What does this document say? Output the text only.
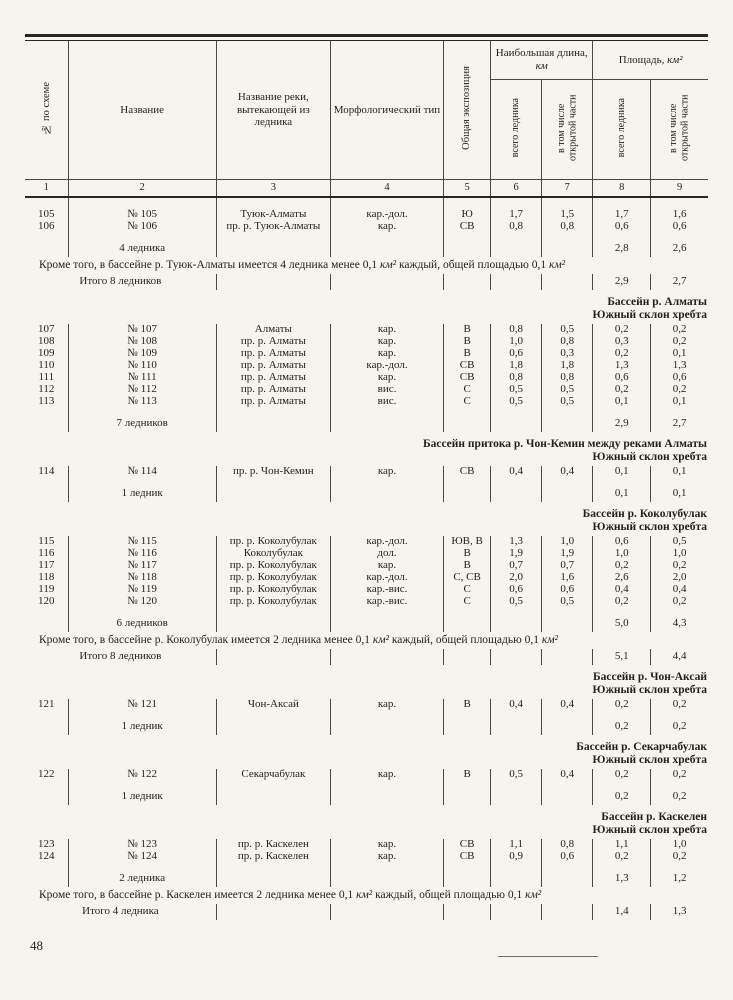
№ по схеме	Название	Название реки, вытекающей из ледника	Морфологический тип	Общая экспозиция	Наибольшая длина, км		Площадь, км²	
					всего ледника	в том числе открытой части	всего ледника	в том числе открытой части
1	2	3	4	5	6	7	8	9

105	№ 105	Туюк-Алматы	кар.-дол.	Ю	1,7	1,5	1,7	1,6
106	№ 106	пр. р. Туюк-Алматы	кар.	СВ	0,8	0,8	0,6	0,6

	4 ледника						2,8	2,6
Кроме того, в бассейне р. Туюк-Алматы имеется 4 ледника менее 0,1 км² каждый, общей площадью 0,1 км²								
Итого 8 ледников							2,9	2,7

Бассейн р. Алматы
Южный склон хребта								

107	№ 107	Алматы	кар.	В	0,8	0,5	0,2	0,2
108	№ 108	пр. р. Алматы	кар.	В	1,0	0,8	0,3	0,2
109	№ 109	пр. р. Алматы	кар.	В	0,6	0,3	0,2	0,1
110	№ 110	пр. р. Алматы	кар.-дол.	СВ	1,8	1,8	1,3	1,3
111	№ 111	пр. р. Алматы	кар.	СВ	0,8	0,8	0,6	0,6
112	№ 112	пр. р. Алматы	вис.	С	0,5	0,5	0,2	0,2
113	№ 113	пр. р. Алматы	вис.	С	0,5	0,5	0,1	0,1

	7 ледников						2,9	2,7

Бассейн притока р. Чон-Кемин между реками Алматы
Южный склон хребта								

114	№ 114	пр. р. Чон-Кемин	кар.	СВ	0,4	0,4	0,1	0,1

	1 ледник						0,1	0,1

Бассейн р. Коколубулак
Южный склон хребта								

115	№ 115	пр. р. Коколубулак	кар.-дол.	ЮВ, В	1,3	1,0	0,6	0,5
116	№ 116	Коколубулак	дол.	В	1,9	1,9	1,0	1,0
117	№ 117	пр. р. Коколубулак	кар.	В	0,7	0,7	0,2	0,2
118	№ 118	пр. р. Коколубулак	кар.-дол.	С, СВ	2,0	1,6	2,6	2,0
119	№ 119	пр. р. Коколубулак	кар.-вис.	С	0,6	0,6	0,4	0,4
120	№ 120	пр. р. Коколубулак	кар.-вис.	С	0,5	0,5	0,2	0,2

	6 ледников						5,0	4,3
Кроме того, в бассейне р. Коколубулак имеется 2 ледника менее 0,1 км² каждый, общей площадью 0,1 км²								
Итого 8 ледников							5,1	4,4

Бассейн р. Чон-Аксай
Южный склон хребта								

121	№ 121	Чон-Аксай	кар.	В	0,4	0,4	0,2	0,2

	1 ледник						0,2	0,2

Бассейн р. Секарчабулак
Южный склон хребта								

122	№ 122	Секарчабулак	кар.	В	0,5	0,4	0,2	0,2

	1 ледник						0,2	0,2

Бассейн р. Каскелен
Южный склон хребта								

123	№ 123	пр. р. Каскелен	кар.	СВ	1,1	0,8	1,1	1,0
124	№ 124	пр. р. Каскелен	кар.	СВ	0,9	0,6	0,2	0,2

	2 ледника						1,3	1,2
Кроме того, в бассейне р. Каскелен имеется 2 ледника менее 0,1 км² каждый, общей площадью 0,1 км²								
Итого 4 ледника							1,4	1,3
48
